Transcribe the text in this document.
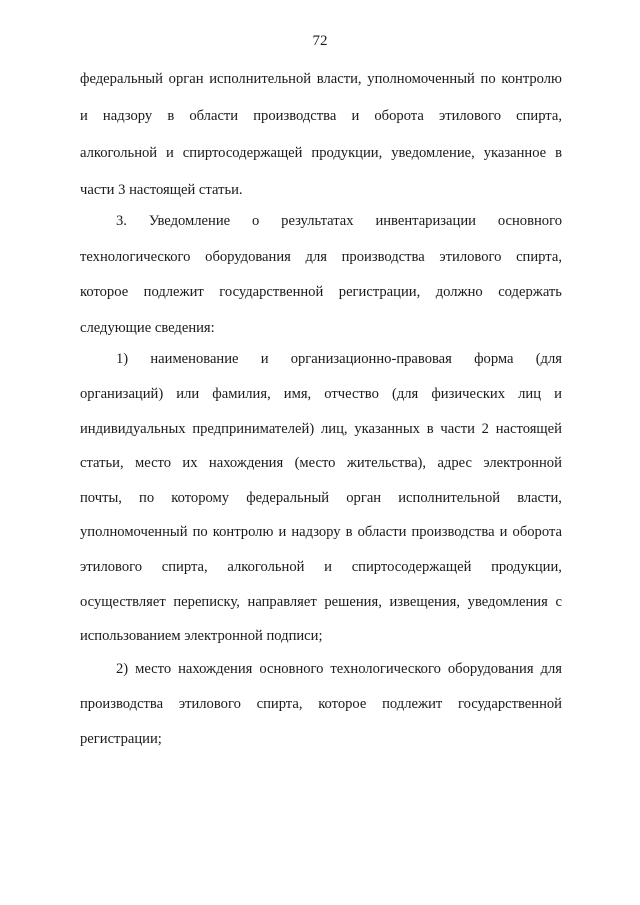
72
федеральный орган исполнительной власти, уполномоченный по контролю
и надзору в области производства и оборота этилового спирта,
алкогольной и спиртосодержащей продукции, уведомление, указанное в
части 3 настоящей статьи.
3. Уведомление о результатах инвентаризации основного
технологического оборудования для производства этилового спирта,
которое подлежит государственной регистрации, должно содержать
следующие сведения:
1) наименование и организационно-правовая форма (для
организаций) или фамилия, имя, отчество (для физических лиц и
индивидуальных предпринимателей) лиц, указанных в части 2 настоящей
статьи, место их нахождения (место жительства), адрес электронной
почты, по которому федеральный орган исполнительной власти,
уполномоченный по контролю и надзору в области производства и оборота
этилового спирта, алкогольной и спиртосодержащей продукции,
осуществляет переписку, направляет решения, извещения, уведомления с
использованием электронной подписи;
2) место нахождения основного технологического оборудования для
производства этилового спирта, которое подлежит государственной
регистрации;
